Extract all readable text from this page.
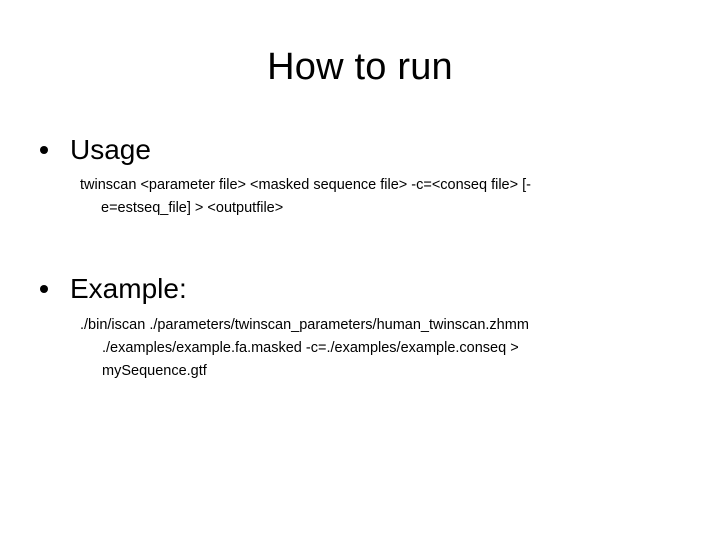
How to run
Usage
twinscan <parameter file> <masked sequence file> -c=<conseq file> [-
e=estseq_file] > <outputfile>
Example:
./bin/iscan ./parameters/twinscan_parameters/human_twinscan.zhmm
./examples/example.fa.masked -c=./examples/example.conseq >
mySequence.gtf
